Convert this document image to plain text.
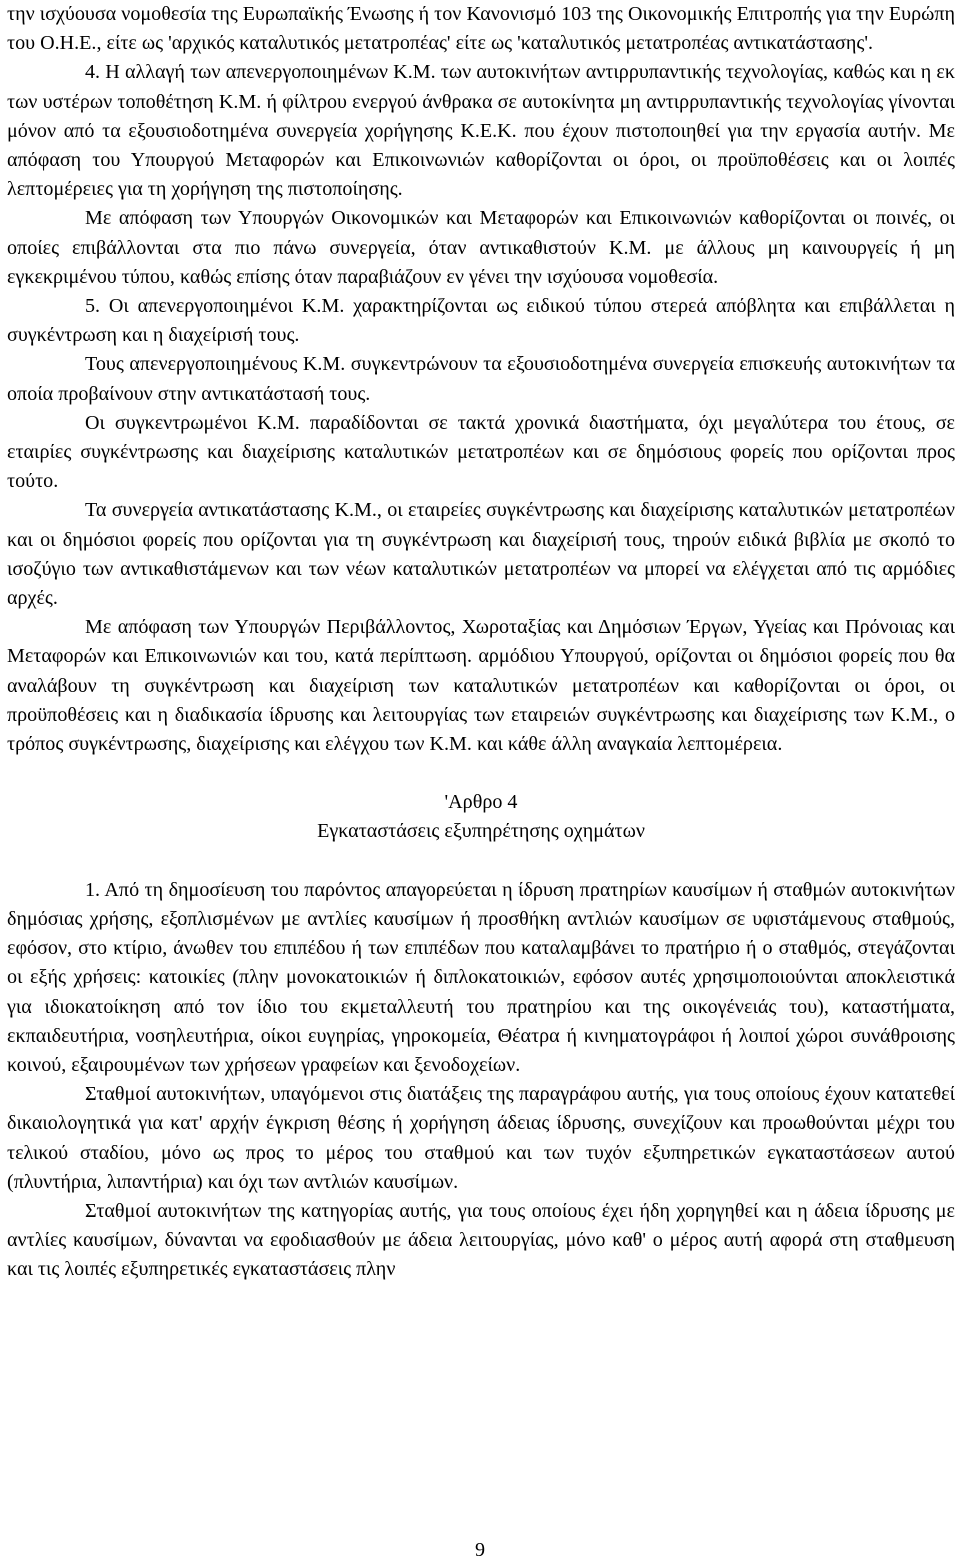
την ισχύουσα νομοθεσία της Ευρωπαϊκής Ένωσης ή τον Κανονισμό 103 της Οικονομικής Επιτροπής για την Ευρώπη του Ο.Η.Ε., είτε ως 'αρχικός καταλυτικός μετατροπέας' είτε ως 'καταλυτικός μετατροπέας αντικατάστασης'.

4. Η αλλαγή των απενεργοποιημένων Κ.Μ. των αυτοκινήτων αντιρρυπαντικής τεχνολογίας, καθώς και η εκ των υστέρων τοποθέτηση Κ.Μ. ή φίλτρου ενεργού άνθρακα σε αυτοκίνητα μη αντιρρυπαντικής τεχνολογίας γίνονται μόνον από τα εξουσιοδοτημένα συνεργεία χορήγησης Κ.Ε.Κ. που έχουν πιστοποιηθεί για την εργασία αυτήν. Με απόφαση του Υπουργού Μεταφορών και Επικοινωνιών καθορίζονται οι όροι, οι προϋποθέσεις και οι λοιπές λεπτομέρειες για τη χορήγηση της πιστοποίησης.

Με απόφαση των Υπουργών Οικονομικών και Μεταφορών και Επικοινωνιών καθορίζονται οι ποινές, οι οποίες επιβάλλονται στα πιο πάνω συνεργεία, όταν αντικαθιστούν Κ.Μ. με άλλους μη καινουργείς ή μη εγκεκριμένου τύπου, καθώς επίσης όταν παραβιάζουν εν γένει την ισχύουσα νομοθεσία.

5. Οι απενεργοποιημένοι Κ.Μ. χαρακτηρίζονται ως ειδικού τύπου στερεά απόβλητα και επιβάλλεται η συγκέντρωση και η διαχείρισή τους.

Τους απενεργοποιημένους Κ.Μ. συγκεντρώνουν τα εξουσιοδοτημένα συνεργεία επισκευής αυτοκινήτων τα οποία προβαίνουν στην αντικατάστασή τους.

Οι συγκεντρωμένοι Κ.Μ. παραδίδονται σε τακτά χρονικά διαστήματα, όχι μεγαλύτερα του έτους, σε εταιρίες συγκέντρωσης και διαχείρισης καταλυτικών μετατροπέων και σε δημόσιους φορείς που ορίζονται προς τούτο.

Τα συνεργεία αντικατάστασης Κ.Μ., οι εταιρείες συγκέντρωσης και διαχείρισης καταλυτικών μετατροπέων και οι δημόσιοι φορείς που ορίζονται για τη συγκέντρωση και διαχείρισή τους, τηρούν ειδικά βιβλία με σκοπό το ισοζύγιο των αντικαθιστάμενων και των νέων καταλυτικών μετατροπέων να μπορεί να ελέγχεται από τις αρμόδιες αρχές.

Με απόφαση των Υπουργών Περιβάλλοντος, Χωροταξίας και Δημόσιων Έργων, Υγείας και Πρόνοιας και Μεταφορών και Επικοινωνιών και του, κατά περίπτωση. αρμόδιου Υπουργού, ορίζονται οι δημόσιοι φορείς που θα αναλάβουν τη συγκέντρωση και διαχείριση των καταλυτικών μετατροπέων και καθορίζονται οι όροι, οι προϋποθέσεις και η διαδικασία ίδρυσης και λειτουργίας των εταιρειών συγκέντρωσης και διαχείρισης των Κ.Μ., ο τρόπος συγκέντρωσης, διαχείρισης και ελέγχου των Κ.Μ. και κάθε άλλη αναγκαία λεπτομέρεια.

'Αρθρο 4

Εγκαταστάσεις εξυπηρέτησης οχημάτων

1. Από τη δημοσίευση του παρόντος απαγορεύεται η ίδρυση πρατηρίων καυσίμων ή σταθμών αυτοκινήτων δημόσιας χρήσης, εξοπλισμένων με αντλίες καυσίμων ή προσθήκη αντλιών καυσίμων σε υφιστάμενους σταθμούς, εφόσον, στο κτίριο, άνωθεν του επιπέδου ή των επιπέδων που καταλαμβάνει το πρατήριο ή ο σταθμός, στεγάζονται οι εξής χρήσεις: κατοικίες (πλην μονοκατοικιών ή διπλοκατοικιών, εφόσον αυτές χρησιμοποιούνται αποκλειστικά για ιδιοκατοίκηση από τον ίδιο του εκμεταλλευτή του πρατηρίου και της οικογένειάς του), καταστήματα, εκπαιδευτήρια, νοσηλευτήρια, οίκοι ευγηρίας, γηροκομεία, Θέατρα ή κινηματογράφοι ή λοιποί χώροι συνάθροισης κοινού, εξαιρουμένων των χρήσεων γραφείων και ξενοδοχείων.

Σταθμοί αυτοκινήτων, υπαγόμενοι στις διατάξεις της παραγράφου αυτής, για τους οποίους έχουν κατατεθεί δικαιολογητικά για κατ' αρχήν έγκριση θέσης ή χορήγηση άδειας ίδρυσης, συνεχίζουν και προωθούνται μέχρι του τελικού σταδίου, μόνο ως προς το μέρος του σταθμού και των τυχόν εξυπηρετικών εγκαταστάσεων αυτού (πλυντήρια, λιπαντήρια) και όχι των αντλιών καυσίμων.

Σταθμοί αυτοκινήτων της κατηγορίας αυτής, για τους οποίους έχει ήδη χορηγηθεί και η άδεια ίδρυσης με αντλίες καυσίμων, δύνανται να εφοδιασθούν με άδεια λειτουργίας, μόνο καθ' ο μέρος αυτή αφορά στη σταθμευση και τις λοιπές εξυπηρετικές εγκαταστάσεις πλην

9
